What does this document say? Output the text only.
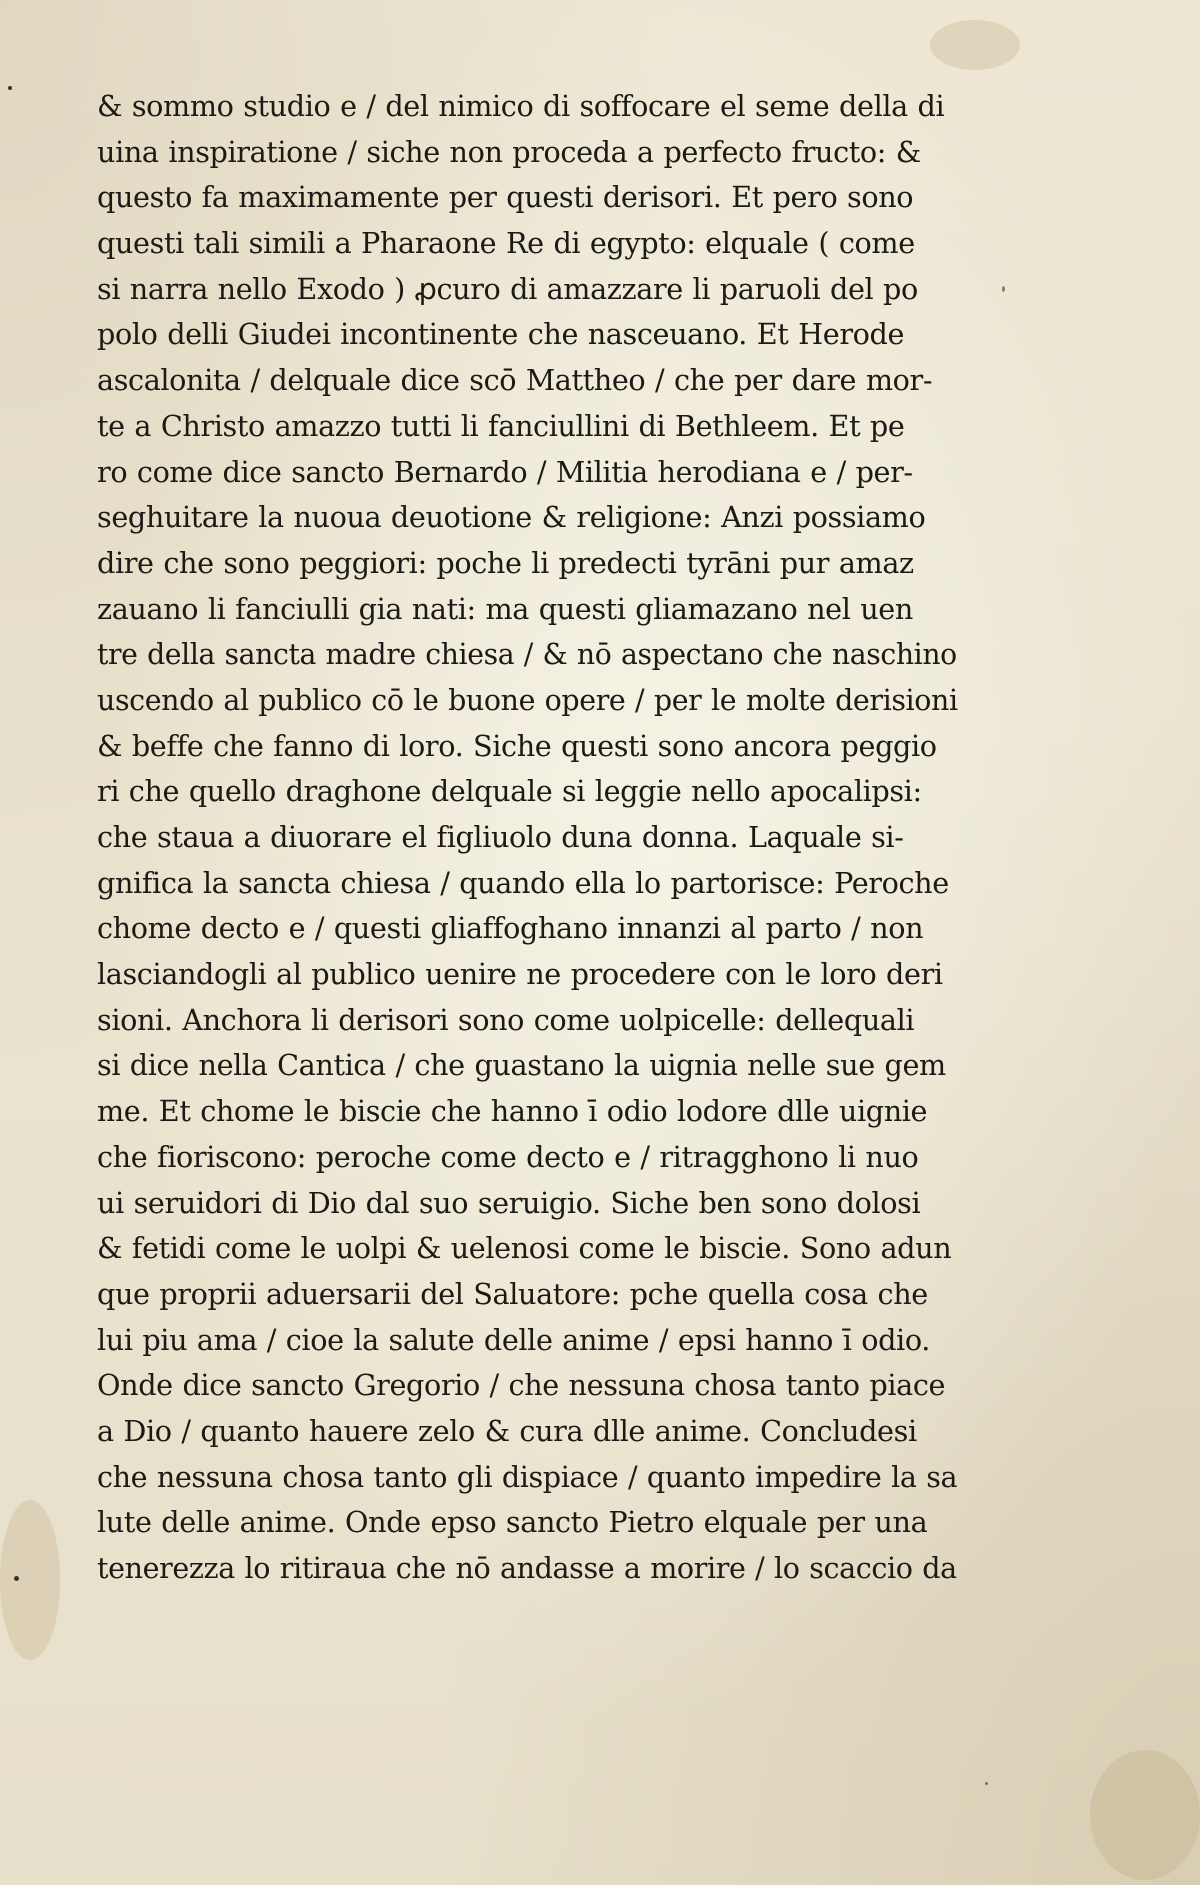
& sommo studio e / del nimico di soffocare el seme della di
uina inspiratione / siche non proceda a perfecto fructo: &
questo fa maximamente per questi derisori. Et pero sono
questi tali simili a Pharaone Re di egypto: elquale ( come
si narra nello Exodo ) ꝓcuro di amazzare li paruoli del po
polo delli Giudei incontinente che nasceuano. Et Herode
ascalonita / delquale dice scō Mattheo / che per dare mor-
te a Christo amazzo tutti li fanciullini di Bethleem. Et pe
ro come dice sancto Bernardo / Militia herodiana e / per-
seghuitare la nuoua deuotione & religione: Anzi possiamo
dire che sono peggiori: poche li predecti tyrāni pur amaz
zauano li fanciulli gia nati: ma questi gliamazano nel uen
tre della sancta madre chiesa / & nō aspectano che naschino
uscendo al publico cō le buone opere / per le molte derisioni
& beffe che fanno di loro. Siche questi sono ancora peggio
ri che quello draghone delquale si leggie nello apocalipsi:
che staua a diuorare el figliuolo duna donna. Laquale si-
gnifica la sancta chiesa / quando ella lo partorisce: Peroche
chome decto e / questi gliaffoghano innanzi al parto / non
lasciandogli al publico uenire ne procedere con le loro deri
sioni. Anchora li derisori sono come uolpicelle: dellequali
si dice nella Cantica / che guastano la uignia nelle sue gem
me. Et chome le biscie che hanno ī odio lodore dlle uignie
che fioriscono: peroche come decto e / ritragghono li nuo
ui seruidori di Dio dal suo seruigio. Siche ben sono dolosi
& fetidi come le uolpi & uelenosi come le biscie. Sono adun
que proprii aduersarii del Saluatore: pche quella cosa che
lui piu ama / cioe la salute delle anime / epsi hanno ī odio.
Onde dice sancto Gregorio / che nessuna chosa tanto piace
a Dio / quanto hauere zelo & cura dlle anime. Concludesi
che nessuna chosa tanto gli dispiace / quanto impedire la sa
lute delle anime. Onde epso sancto Pietro elquale per una
tenerezza lo ritiraua che nō andasse a morire / lo scaccio da
